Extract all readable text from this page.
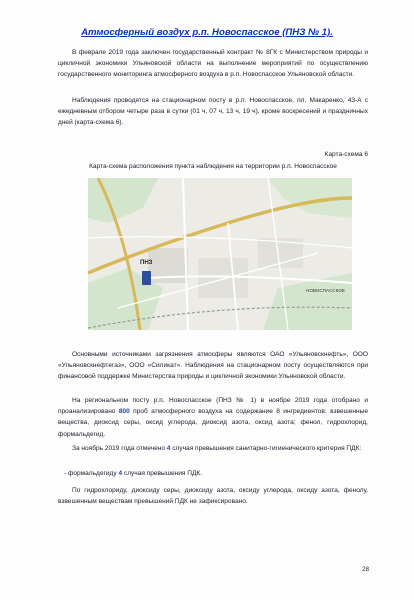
Атмосферный воздух р.п. Новоспасское (ПНЗ № 1).
В феврале 2019 года заключен государственный контракт № 8ГК с Министерством природы и цикличной экономики Ульяновской области на выполнение мероприятий по осуществлению государственного мониторинга атмосферного воздуха в р.п. Новоспасское Ульяновской области.
Наблюдения проводятся на стационарном посту в р.п. Новоспасское, пл. Макаренко, 43-А с ежедневным отбором четыре раза в сутки (01 ч, 07 ч, 13 ч, 19 ч), кроме воскресений и праздничных дней (карта-схема 6).
Карта-схема 6
Карта-схема расположения пункта наблюдения на территории р.п. Новоспасское
ПНЗ
НОВОСПАССКОЕ
Основными источниками загрязнения атмосферы являются ОАО «Ульяновскнефть», ООО «Ульяновскнефтегаз», ООО «Силикат». Наблюдения на стационарном посту осуществляются при финансовой поддержке Министерства природы и цикличной экономики Ульяновской области.
На региональном посту р.п. Новоспасское (ПНЗ № 1) в ноябре 2019 года отобрано и проанализировано 800 проб атмосферного воздуха на содержание 8 ингредиентов: взвешенные вещества, диоксид серы, оксид углерода, диоксид азота, оксид азота; фенол, гидрохлорид, формальдегид.
За ноябрь 2019 года отмечено 4 случая превышения санитарно-гигиенического критерия ПДК:
- формальдегиду 4 случая превышения ПДК.
По гидрохлориду, диоксиду серы, диоксиду азота, оксиду углерода, оксиду азота, фенолу, взвешенным веществам превышений ПДК не зафиксировано.
28
